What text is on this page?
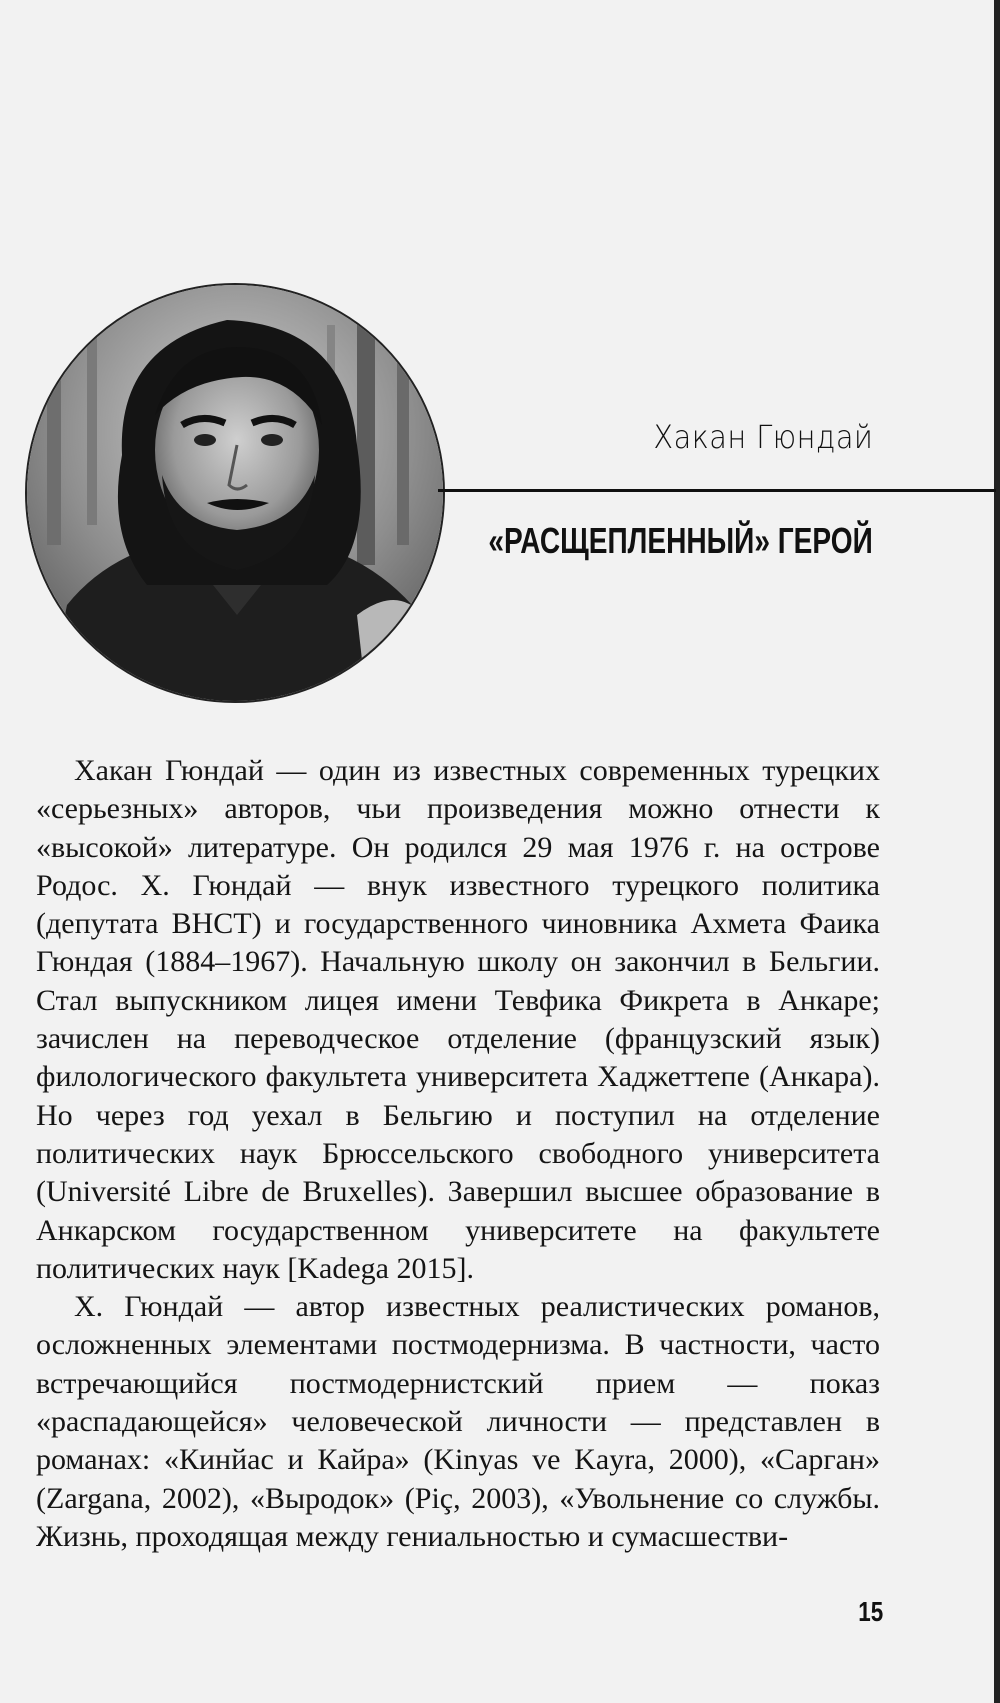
Хакан Гюндай
«РАСЩЕПЛЕННЫЙ» ГЕРОЙ

Хакан Гюндай — один из известных современных турецких «серьезных» авторов, чьи произведения можно отнести к «высокой» литературе. Он родился 29 мая 1976 г. на острове Родос. Х. Гюндай — внук известного турецкого политика (депутата ВНСТ) и государственного чиновника Ахмета Фаика Гюндая (1884–1967). Начальную школу он закончил в Бельгии. Стал выпускником лицея имени Тевфика Фикрета в Анкаре; зачислен на переводческое отделение (французский язык) филологического факультета университета Хаджеттепе (Анкара). Но через год уехал в Бельгию и поступил на отделение политических наук Брюссельского свободного университета (Université Libre de Bruxelles). Завершил высшее образование в Анкарском государственном университете на факультете политических наук [Kadega 2015].

Х. Гюндай — автор известных реалистических романов, осложненных элементами постмодернизма. В частности, часто встречающийся постмодернистский прием — показ «распадающейся» человеческой личности — представлен в романах: «Кинйас и Кайра» (Kinyas ve Kayra, 2000), «Сарган» (Zargana, 2002), «Выродок» (Piç, 2003), «Увольнение со службы. Жизнь, проходящая между гениальностью и сумасшестви-

15
